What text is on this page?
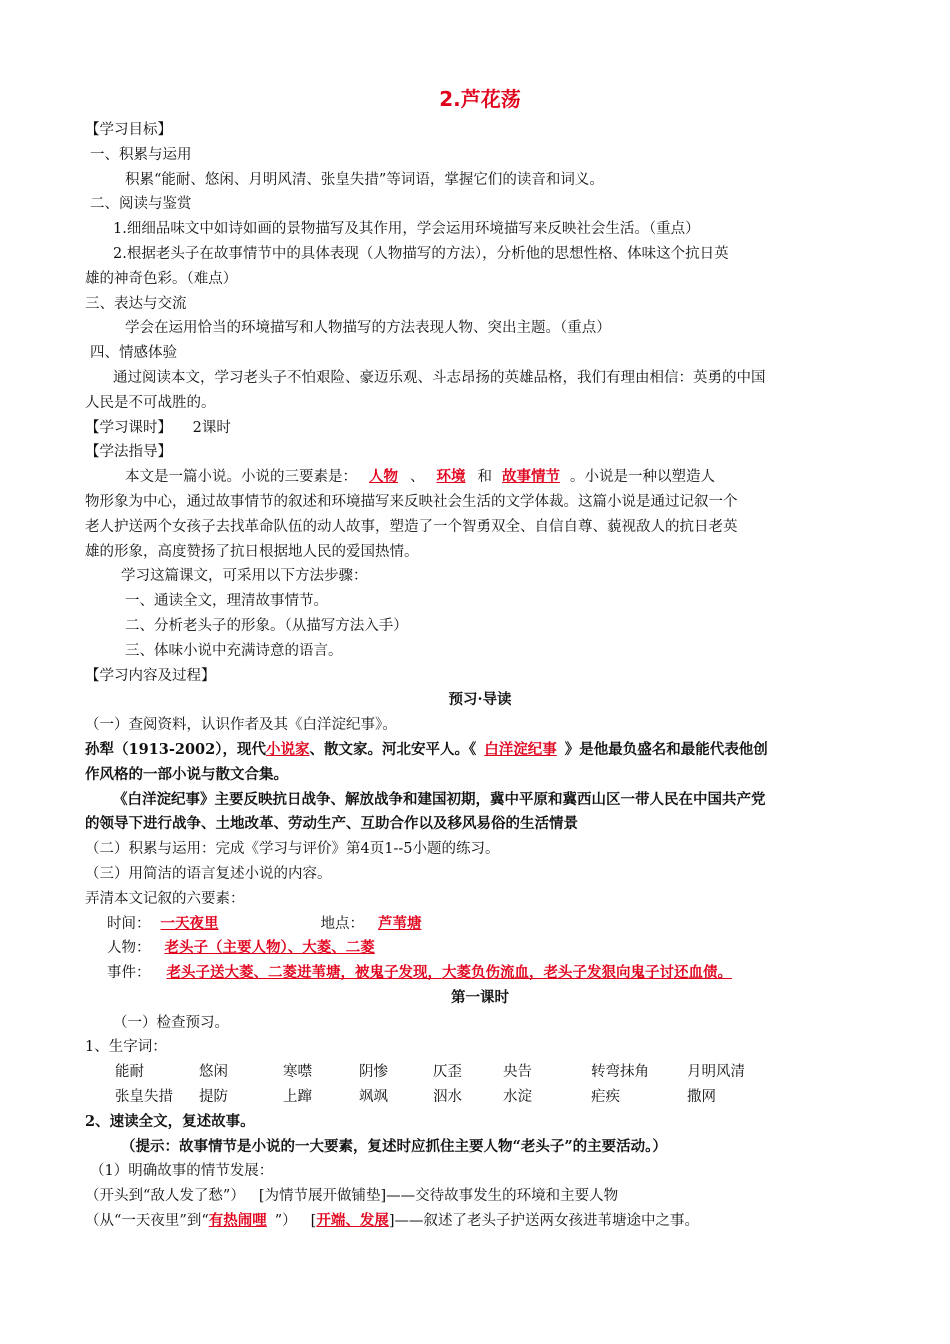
2.芦花荡
【学习目标】
一、积累与运用
积累“能耐、悠闲、月明风清、张皇失措”等词语，掌握它们的读音和词义。
二、阅读与鉴赏
1.细细品味文中如诗如画的景物描写及其作用，学会运用环境描写来反映社会生活。（重点）
2.根据老头子在故事情节中的具体表现（人物描写的方法），分析他的思想性格、体味这个抗日英
雄的神奇色彩。（难点）
三、表达与交流
学会在运用恰当的环境描写和人物描写的方法表现人物、突出主题。（重点）
四、情感体验
通过阅读本文，学习老头子不怕艰险、豪迈乐观、斗志昂扬的英雄品格，我们有理由相信：英勇的中国
人民是不可战胜的。
【学习课时】 2课时
【学法指导】
本文是一篇小说。小说的三要素是： 人物 、 环境 和 故事情节 。小说是一种以塑造人
物形象为中心，通过故事情节的叙述和环境描写来反映社会生活的文学体裁。这篇小说是通过记叙一个
老人护送两个女孩子去找革命队伍的动人故事，塑造了一个智勇双全、自信自尊、藐视敌人的抗日老英
雄的形象，高度赞扬了抗日根据地人民的爱国热情。
学习这篇课文，可采用以下方法步骤：
一、通读全文，理清故事情节。
二、分析老头子的形象。（从描写方法入手）
三、体味小说中充满诗意的语言。
【学习内容及过程】
预习·导读
（一）查阅资料，认识作者及其《白洋淀纪事》。
孙犁（1913-2002），现代小说家、散文家。河北安平人。《 白洋淀纪事 》是他最负盛名和最能代表他创
作风格的一部小说与散文合集。
《白洋淀纪事》主要反映抗日战争、解放战争和建国初期，冀中平原和冀西山区一带人民在中国共产党
的领导下进行战争、土地改革、劳动生产、互助合作以及移风易俗的生活情景
（二）积累与运用：完成《学习与评价》第4页1--5小题的练习。
（三）用简洁的语言复述小说的内容。
弄清本文记叙的六要素：
时间： 一天夜里	地点： 芦苇塘
人物： 老头子（主要人物）、大菱、二菱
事件： 老头子送大菱、二菱进苇塘，被鬼子发现，大菱负伤流血，老头子发狠向鬼子讨还血债。
第一课时
（一）检查预习。
1、生字词：
能耐	悠闲	寒噤	阴惨	仄歪	央告	转弯抹角	月明风清
张皇失措	提防	上蹿	飒飒	泅水	水淀	疟疾	撒网
2、速读全文，复述故事。
（提示：故事情节是小说的一大要素，复述时应抓住主要人物“老头子”的主要活动。）
（1）明确故事的情节发展：
（开头到“敌人发了愁”） [为情节展开做铺垫]——交待故事发生的环境和主要人物
（从“一天夜里”到“有热闹哩 ”） [开端、发展]——叙述了老头子护送两女孩进苇塘途中之事。
